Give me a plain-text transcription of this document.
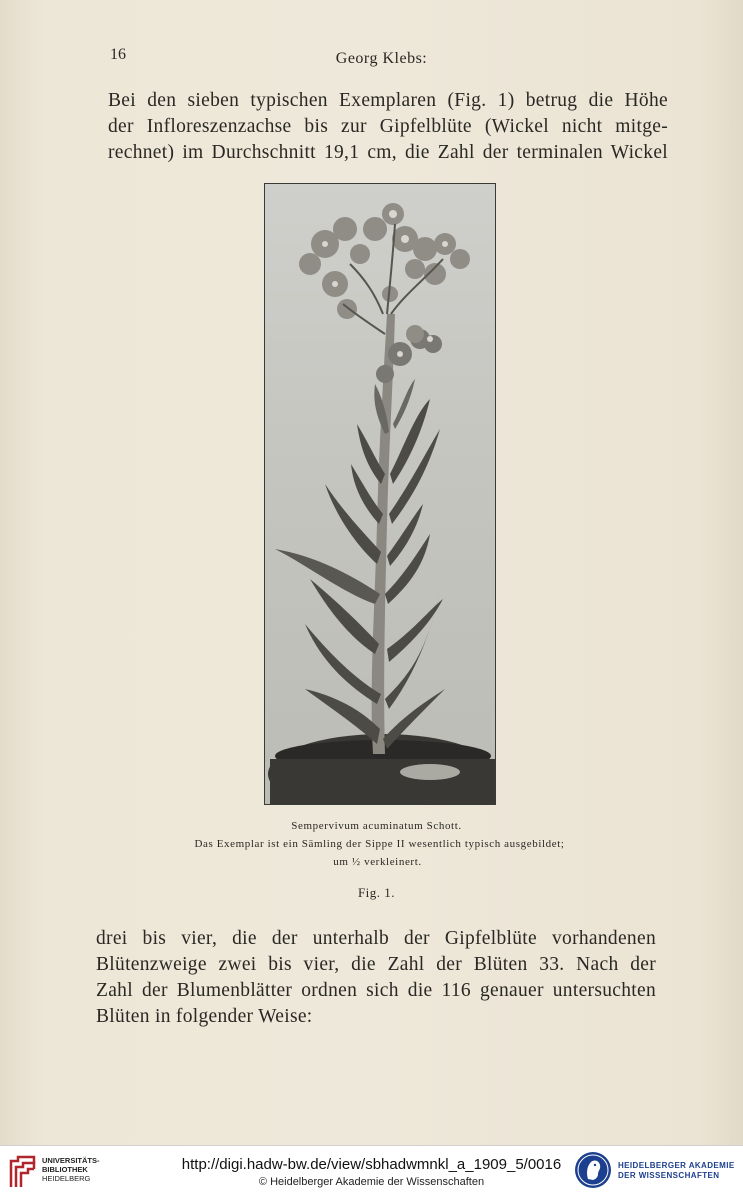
16	Georg Klebs:
Bei den sieben typischen Exemplaren (Fig. 1) betrug die Höhe
der Infloreszenzachse bis zur Gipfelblüte (Wickel nicht mitge-
rechnet) im Durchschnitt 19,1 cm, die Zahl der terminalen Wickel
Sempervivum acuminatum Schott.
Das Exemplar ist ein Sämling der Sippe II wesentlich typisch ausgebildet;
um ½ verkleinert.
Fig. 1.
drei bis vier, die der unterhalb der Gipfelblüte vorhandenen
Blütenzweige zwei bis vier, die Zahl der Blüten 33. Nach der
Zahl der Blumenblätter ordnen sich die 116 genauer untersuchten
Blüten in folgender Weise:
UNIVERSITÄTS-
BIBLIOTHEK
HEIDELBERG
http://digi.hadw-bw.de/view/sbhadwmnkl_a_1909_5/0016
© Heidelberger Akademie der Wissenschaften
HEIDELBERGER AKADEMIE
DER WISSENSCHAFTEN
